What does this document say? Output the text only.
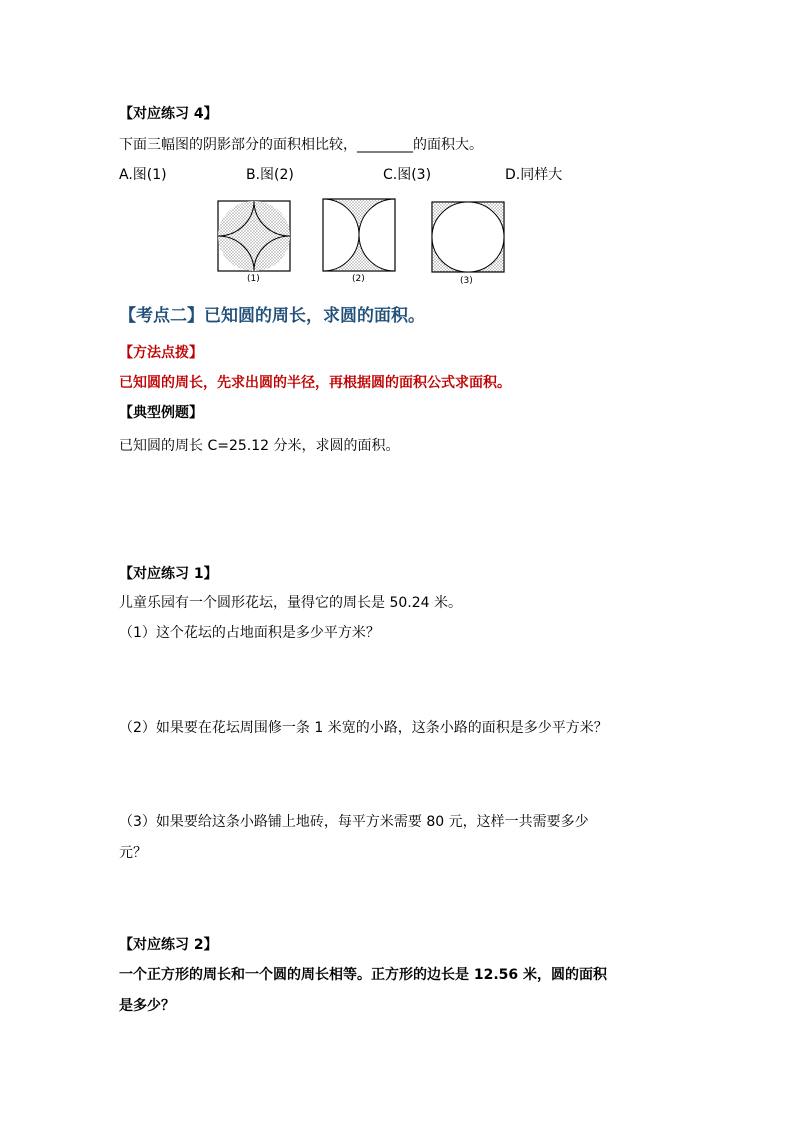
【对应练习 4】
下面三幅图的阴影部分的面积相比较，________的面积大。
A.图(1)	B.图(2)	C.图(3)	D.同样大
(1)	(2)	(3)
【考点二】已知圆的周长，求圆的面积。
【方法点拨】
已知圆的周长，先求出圆的半径，再根据圆的面积公式求面积。
【典型例题】
已知圆的周长 C=25.12 分米，求圆的面积。
【对应练习 1】
儿童乐园有一个圆形花坛，量得它的周长是 50.24 米。
（1）这个花坛的占地面积是多少平方米？
（2）如果要在花坛周围修一条 1 米宽的小路，这条小路的面积是多少平方米？
（3）如果要给这条小路铺上地砖，每平方米需要 80 元，这样一共需要多少
元？
【对应练习 2】
一个正方形的周长和一个圆的周长相等。正方形的边长是 12.56 米，圆的面积
是多少？
